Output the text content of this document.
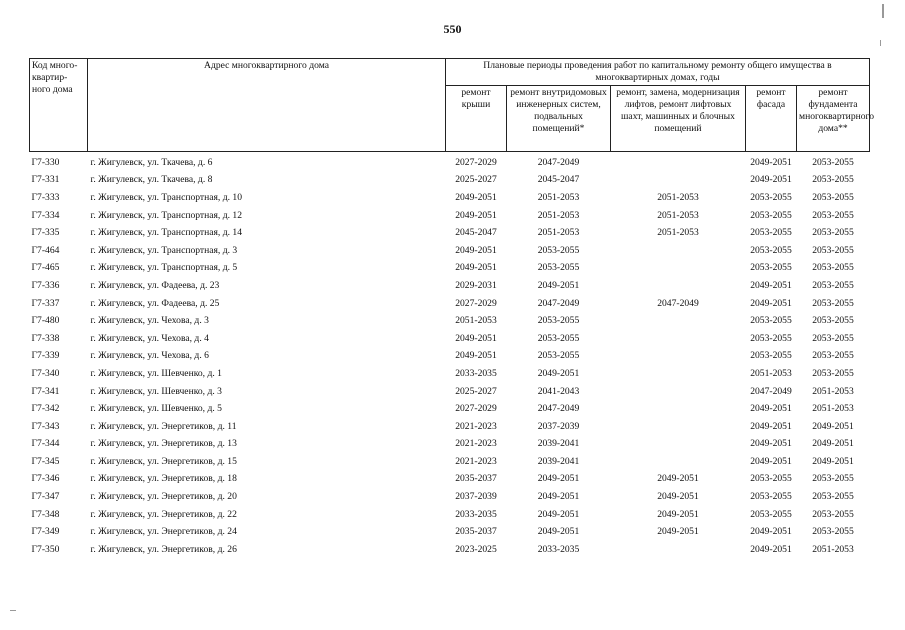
550
Код много-квартир-ного дома	Адрес многоквартирного дома	Плановые периоды проведения работ по капитальному ремонту общего имущества в многоквартирных домах, годы				
		ремонт крыши	ремонт внутридомовых инженерных систем, подвальных помещений*	ремонт, замена, модернизация лифтов, ремонт лифтовых шахт, машинных и блочных помещений	ремонт фасада	ремонт фундамента многоквартирного дома**
Г7-330	г. Жигулевск, ул. Ткачева, д. 6	2027-2029	2047-2049		2049-2051	2053-2055
Г7-331	г. Жигулевск, ул. Ткачева, д. 8	2025-2027	2045-2047		2049-2051	2053-2055
Г7-333	г. Жигулевск, ул. Транспортная, д. 10	2049-2051	2051-2053	2051-2053	2053-2055	2053-2055
Г7-334	г. Жигулевск, ул. Транспортная, д. 12	2049-2051	2051-2053	2051-2053	2053-2055	2053-2055
Г7-335	г. Жигулевск, ул. Транспортная, д. 14	2045-2047	2051-2053	2051-2053	2053-2055	2053-2055
Г7-464	г. Жигулевск, ул. Транспортная, д. 3	2049-2051	2053-2055		2053-2055	2053-2055
Г7-465	г. Жигулевск, ул. Транспортная, д. 5	2049-2051	2053-2055		2053-2055	2053-2055
Г7-336	г. Жигулевск, ул. Фадеева, д. 23	2029-2031	2049-2051		2049-2051	2053-2055
Г7-337	г. Жигулевск, ул. Фадеева, д. 25	2027-2029	2047-2049	2047-2049	2049-2051	2053-2055
Г7-480	г. Жигулевск, ул. Чехова, д. 3	2051-2053	2053-2055		2053-2055	2053-2055
Г7-338	г. Жигулевск, ул. Чехова, д. 4	2049-2051	2053-2055		2053-2055	2053-2055
Г7-339	г. Жигулевск, ул. Чехова, д. 6	2049-2051	2053-2055		2053-2055	2053-2055
Г7-340	г. Жигулевск, ул. Шевченко, д. 1	2033-2035	2049-2051		2051-2053	2053-2055
Г7-341	г. Жигулевск, ул. Шевченко, д. 3	2025-2027	2041-2043		2047-2049	2051-2053
Г7-342	г. Жигулевск, ул. Шевченко, д. 5	2027-2029	2047-2049		2049-2051	2051-2053
Г7-343	г. Жигулевск, ул. Энергетиков, д. 11	2021-2023	2037-2039		2049-2051	2049-2051
Г7-344	г. Жигулевск, ул. Энергетиков, д. 13	2021-2023	2039-2041		2049-2051	2049-2051
Г7-345	г. Жигулевск, ул. Энергетиков, д. 15	2021-2023	2039-2041		2049-2051	2049-2051
Г7-346	г. Жигулевск, ул. Энергетиков, д. 18	2035-2037	2049-2051	2049-2051	2053-2055	2053-2055
Г7-347	г. Жигулевск, ул. Энергетиков, д. 20	2037-2039	2049-2051	2049-2051	2053-2055	2053-2055
Г7-348	г. Жигулевск, ул. Энергетиков, д. 22	2033-2035	2049-2051	2049-2051	2053-2055	2053-2055
Г7-349	г. Жигулевск, ул. Энергетиков, д. 24	2035-2037	2049-2051	2049-2051	2049-2051	2053-2055
Г7-350	г. Жигулевск, ул. Энергетиков, д. 26	2023-2025	2033-2035		2049-2051	2051-2053
